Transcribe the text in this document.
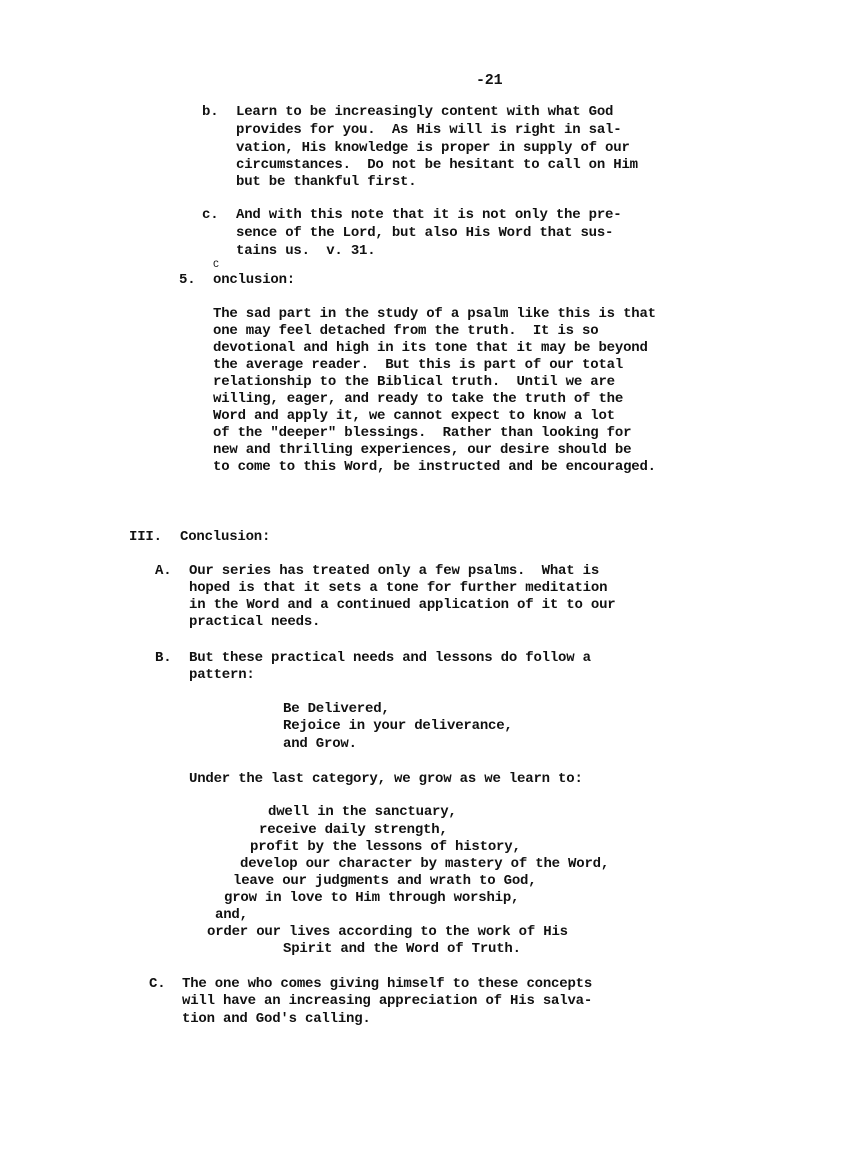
-21
b. Learn to be increasingly content with what God
provides for you.  As His will is right in sal-
vation, His knowledge is proper in supply of our
circumstances.  Do not be hesitant to call on Him
but be thankful first.
c. And with this note that it is not only the pre-
sence of the Lord, but also His Word that sus-
tains us.  v. 31.
C
5. onclusion:
The sad part in the study of a psalm like this is that
one may feel detached from the truth.  It is so
devotional and high in its tone that it may be beyond
the average reader.  But this is part of our total
relationship to the Biblical truth.  Until we are
willing, eager, and ready to take the truth of the
Word and apply it, we cannot expect to know a lot
of the "deeper" blessings.  Rather than looking for
new and thrilling experiences, our desire should be
to come to this Word, be instructed and be encouraged.
III. Conclusion:
A. Our series has treated only a few psalms.  What is
hoped is that it sets a tone for further meditation
in the Word and a continued application of it to our
practical needs.
B. But these practical needs and lessons do follow a
pattern:
Be Delivered,
Rejoice in your deliverance,
and Grow.
Under the last category, we grow as we learn to:
dwell in the sanctuary,
receive daily strength,
profit by the lessons of history,
develop our character by mastery of the Word,
leave our judgments and wrath to God,
grow in love to Him through worship,
and,
order our lives according to the work of His
Spirit and the Word of Truth.
C. The one who comes giving himself to these concepts
will have an increasing appreciation of His salva-
tion and God's calling.
